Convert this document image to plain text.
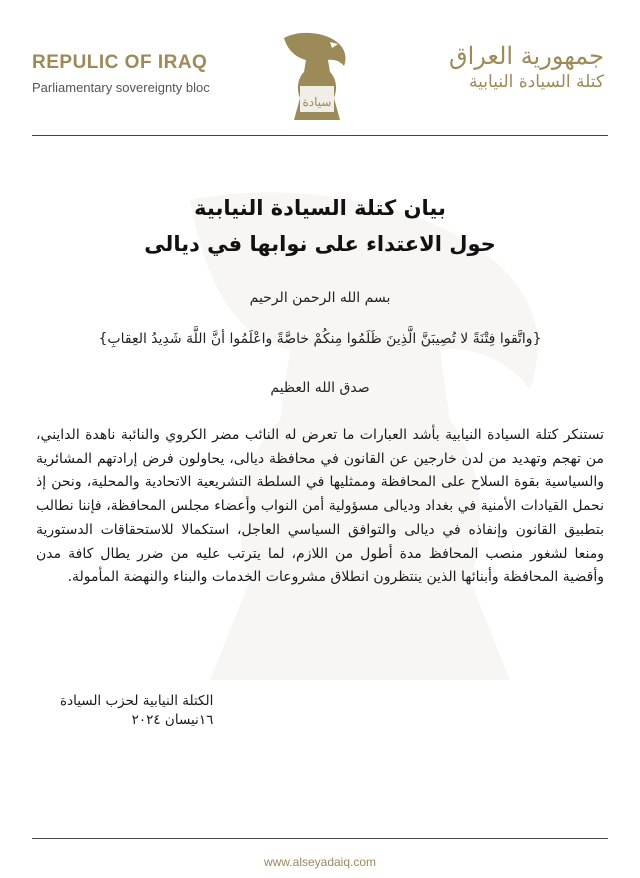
REPULIC OF IRAQ
Parliamentary sovereignty bloc
سيادة
جمهورية العراق
كتلة السيادة النيابية
بيان كتلة السيادة النيابية
حول الاعتداء على نوابها في ديالى
بسم الله الرحمن الرحيم
{واتَّقوا فِتْنَةً لا تُصِيبَنَّ الَّذِينَ ظَلَمُوا مِنكُمْ خاصَّةً واعْلَمُوا أنَّ اللَّهَ شَدِيدُ العِقابِ}
صدق الله العظيم
تستنكر كتلة السيادة النيابية بأشد العبارات ما تعرض له النائب مضر الكروي والنائبة ناهدة الدايني، من تهجم وتهديد من لدن خارجين عن القانون في محافظة ديالى، يحاولون فرض إرادتهم المشائرية والسياسية بقوة السلاح على المحافظة وممثليها في السلطة التشريعية الاتحادية والمحلية، ونحن إذ نحمل القيادات الأمنية في بغداد وديالى مسؤولية أمن النواب وأعضاء مجلس المحافظة، فإننا نطالب بتطبيق القانون وإنفاذه في ديالى والتوافق السياسي العاجل، استكمالا للاستحقاقات الدستورية ومنعا لشغور منصب المحافظ مدة أطول من اللازم، لما يترتب عليه من ضرر يطال كافة مدن وأقضية المحافظة وأبنائها الذين ينتظرون انطلاق مشروعات الخدمات والبناء والنهضة المأمولة.
الكتلة النيابية لحزب السيادة
١٦نيسان ٢٠٢٤
www.alseyadaiq.com
